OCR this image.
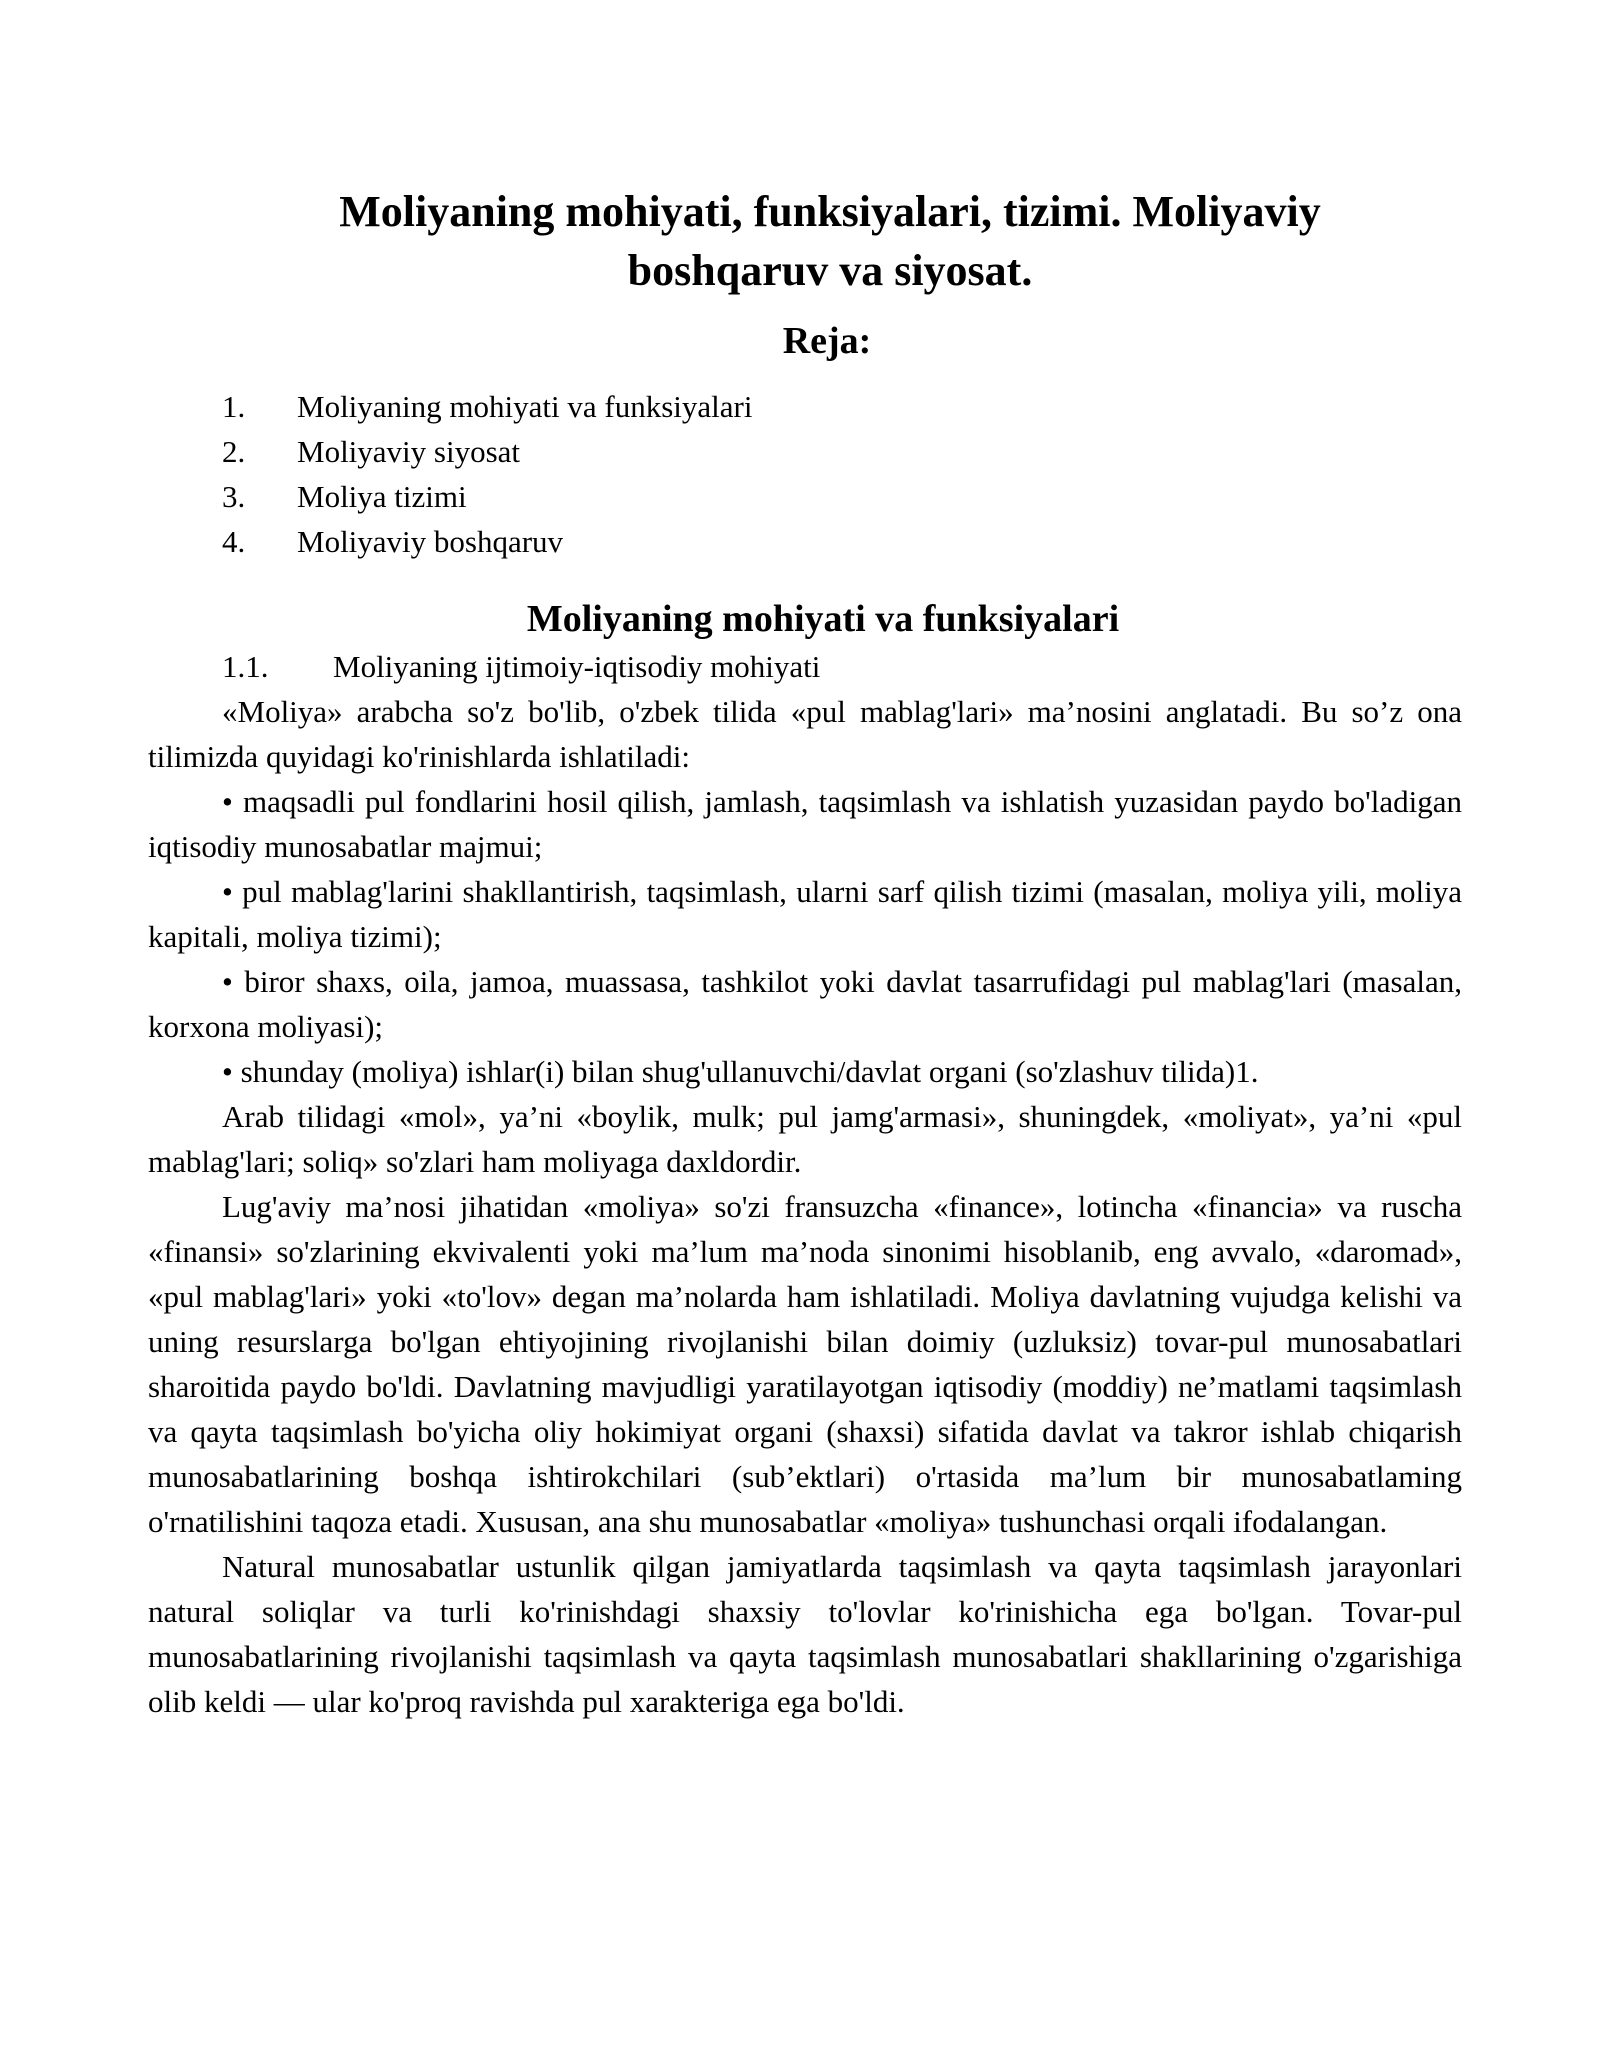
Moliyaning mohiyati, funksiyalari, tizimi. Moliyaviy
boshqaruv va siyosat.
Reja:
1.	Moliyaning mohiyati va funksiyalari
2.	Moliyaviy siyosat
3.	Moliya tizimi
4.	Moliyaviy boshqaruv
Moliyaning mohiyati va funksiyalari
1.1.	Moliyaning ijtimoiy-iqtisodiy mohiyati

«Moliya» arabcha so'z bo'lib, o'zbek tilida «pul mablag'lari» ma’nosini anglatadi. Bu so’z ona tilimizda quyidagi ko'rinishlarda ishlatiladi:

• maqsadli pul fondlarini hosil qilish, jamlash, taqsimlash va ishlatish yuzasidan paydo bo'ladigan iqtisodiy munosabatlar majmui;

• pul mablag'larini shakllantirish, taqsimlash, ularni sarf qilish tizimi (masalan, moliya yili, moliya kapitali, moliya tizimi);

• biror shaxs, oila, jamoa, muassasa, tashkilot yoki davlat tasarrufidagi pul mablag'lari (masalan, korxona moliyasi);

• shunday (moliya) ishlar(i) bilan shug'ullanuvchi/davlat organi (so'zlashuv tilida)1.

Arab tilidagi «mol», ya’ni «boylik, mulk; pul jamg'armasi», shuningdek, «moliyat», ya’ni «pul mablag'lari; soliq» so'zlari ham moliyaga daxldordir.

Lug'aviy ma’nosi jihatidan «moliya» so'zi fransuzcha «finance», lotincha «financia» va ruscha «finansi» so'zlarining ekvivalenti yoki ma’lum ma’noda sinonimi hisoblanib, eng avvalo, «daromad», «pul mablag'lari» yoki «to'lov» degan ma’nolarda ham ishlatiladi. Moliya davlatning vujudga kelishi va uning resurslarga bo'lgan ehtiyojining rivojlanishi bilan doimiy (uzluksiz) tovar-pul munosabatlari sharoitida paydo bo'ldi. Davlatning mavjudligi yaratilayotgan iqtisodiy (moddiy) ne’matlami taqsimlash va qayta taqsimlash bo'yicha oliy hokimiyat organi (shaxsi) sifatida davlat va takror ishlab chiqarish munosabatlarining boshqa ishtirokchilari (sub’ektlari) o'rtasida ma’lum bir munosabatlaming o'rnatilishini taqoza etadi. Xususan, ana shu munosabatlar «moliya» tushunchasi orqali ifodalangan.

Natural munosabatlar ustunlik qilgan jamiyatlarda taqsimlash va qayta taqsimlash jarayonlari natural soliqlar va turli ko'rinishdagi shaxsiy to'lovlar ko'rinishicha ega bo'lgan. Tovar-pul munosabatlarining rivojlanishi taqsimlash va qayta taqsimlash munosabatlari shakllarining o'zgarishiga olib keldi — ular ko'proq ravishda pul xarakteriga ega bo'ldi.
